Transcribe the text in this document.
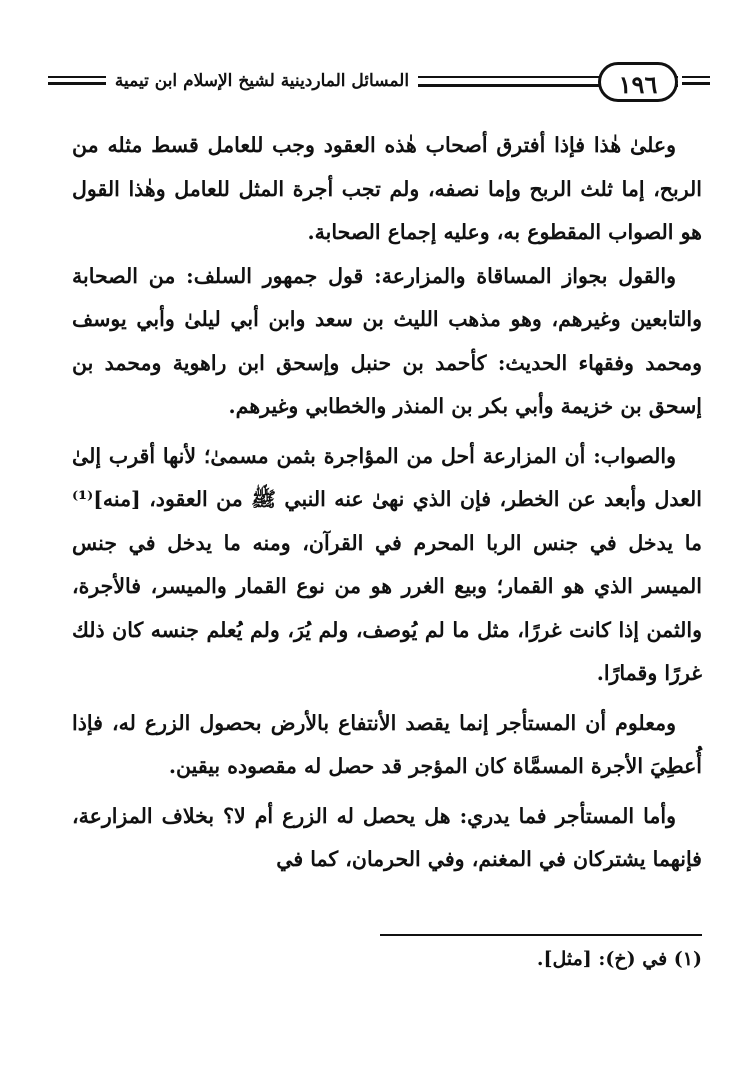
المسائل الماردينية لشيخ الإسلام ابن تيمية	١٩٦

وعلىٰ هٰذا فإذا أفترق أصحاب هٰذه العقود وجب للعامل قسط مثله من الربح، إما ثلث الربح وإما نصفه، ولم تجب أجرة المثل للعامل وهٰذا القول هو الصواب المقطوع به، وعليه إجماع الصحابة.

والقول بجواز المساقاة والمزارعة: قول جمهور السلف: من الصحابة والتابعين وغيرهم، وهو مذهب الليث بن سعد وابن أبي ليلىٰ وأبي يوسف ومحمد وفقهاء الحديث: كأحمد بن حنبل وإسحق ابن راهوية ومحمد بن إسحق بن خزيمة وأبي بكر بن المنذر والخطابي وغيرهم.

والصواب: أن المزارعة أحل من المؤاجرة بثمن مسمىٰ؛ لأنها أقرب إلىٰ العدل وأبعد عن الخطر، فإن الذي نهىٰ عنه النبي ﷺ من العقود، [منه]⁽¹⁾ ما يدخل في جنس الربا المحرم في القرآن، ومنه ما يدخل في جنس الميسر الذي هو القمار؛ وبيع الغرر هو من نوع القمار والميسر، فالأجرة، والثمن إذا كانت غررًا، مثل ما لم يُوصف، ولم يُرَ، ولم يُعلم جنسه كان ذلك غررًا وقمارًا.

ومعلوم أن المستأجر إنما يقصد الأنتفاع بالأرض بحصول الزرع له، فإذا أُعطِيَ الأجرة المسمَّاة كان المؤجر قد حصل له مقصوده بيقين.

وأما المستأجر فما يدري: هل يحصل له الزرع أم لا؟ بخلاف المزارعة، فإنهما يشتركان في المغنم، وفي الحرمان، كما في

(١) في (خ): [مثل].
